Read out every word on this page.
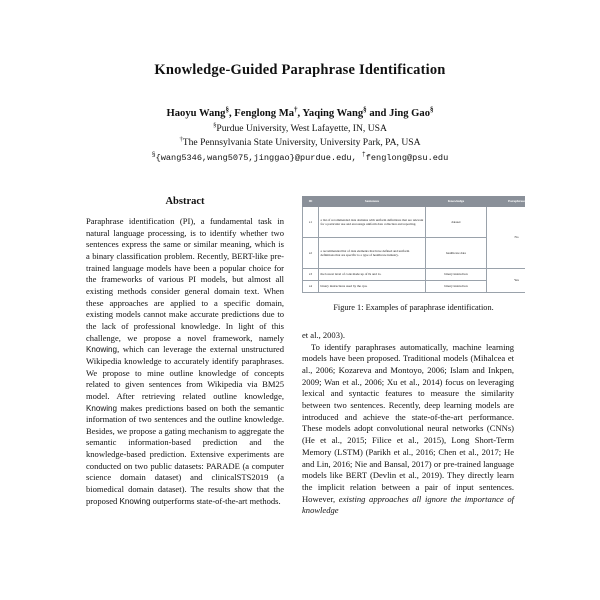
Knowledge-Guided Paraphrase Identification
Haoyu Wang§, Fenglong Ma†, Yaqing Wang§ and Jing Gao§
§Purdue University, West Lafayette, IN, USA
†The Pennsylvania State University, University Park, PA, USA
§{wang5346,wang5075,jinggao}@purdue.edu, †fenglong@psu.edu
Abstract

Paraphrase identification (PI), a fundamental task in natural language processing, is to identify whether two sentences express the same or similar meaning, which is a binary classification problem. Recently, BERT-like pre-trained language models have been a popular choice for the frameworks of various PI models, but almost all existing methods consider general domain text. When these approaches are applied to a specific domain, existing models cannot make accurate predictions due to the lack of professional knowledge. In light of this challenge, we propose a novel framework, namely Knowing, which can leverage the external unstructured Wikipedia knowledge to accurately identify paraphrases. We propose to mine outline knowledge of concepts related to given sentences from Wikipedia via BM25 model. After retrieving related outline knowledge, Knowing makes predictions based on both the semantic information of two sentences and the outline knowledge. Besides, we propose a gating mechanism to aggregate the semantic information-based prediction and the knowledge-based prediction. Extensive experiments are conducted on two public datasets: PARADE (a computer science domain dataset) and clinicalSTS2019 (a biomedical domain dataset). The results show that the proposed Knowing outperforms state-of-the-art methods.

ID	Sentences	Knowledge	Paraphrase
s1	a list of recommended data domains with uniform definitions that are relevant for a particular use and encourage uniform data collection and reporting.	dataset	No
s2	a recommended list of data elements that have defined and uniform definitions that are specific to a type of healthcare industry.	healthcare data	
s3	the lowest level of code made up of 0s and 1s.	binary instruction	Yes
s4	binary instructions used by the cpu.	binary instruction	
Figure 1: Examples of paraphrase identification.

et al., 2003).

To identify paraphrases automatically, machine learning models have been proposed. Traditional models (Mihalcea et al., 2006; Kozareva and Montoyo, 2006; Islam and Inkpen, 2009; Wan et al., 2006; Xu et al., 2014) focus on leveraging lexical and syntactic features to measure the similarity between two sentences. Recently, deep learning models are introduced and achieve the state-of-the-art performance. These models adopt convolutional neural networks (CNNs) (He et al., 2015; Filice et al., 2015), Long Short-Term Memory (LSTM) (Parikh et al., 2016; Chen et al., 2017; He and Lin, 2016; Nie and Bansal, 2017) or pre-trained language models like BERT (Devlin et al., 2019). They directly learn the implicit relation between a pair of input sentences. However, existing approaches all ignore the importance of knowledge
